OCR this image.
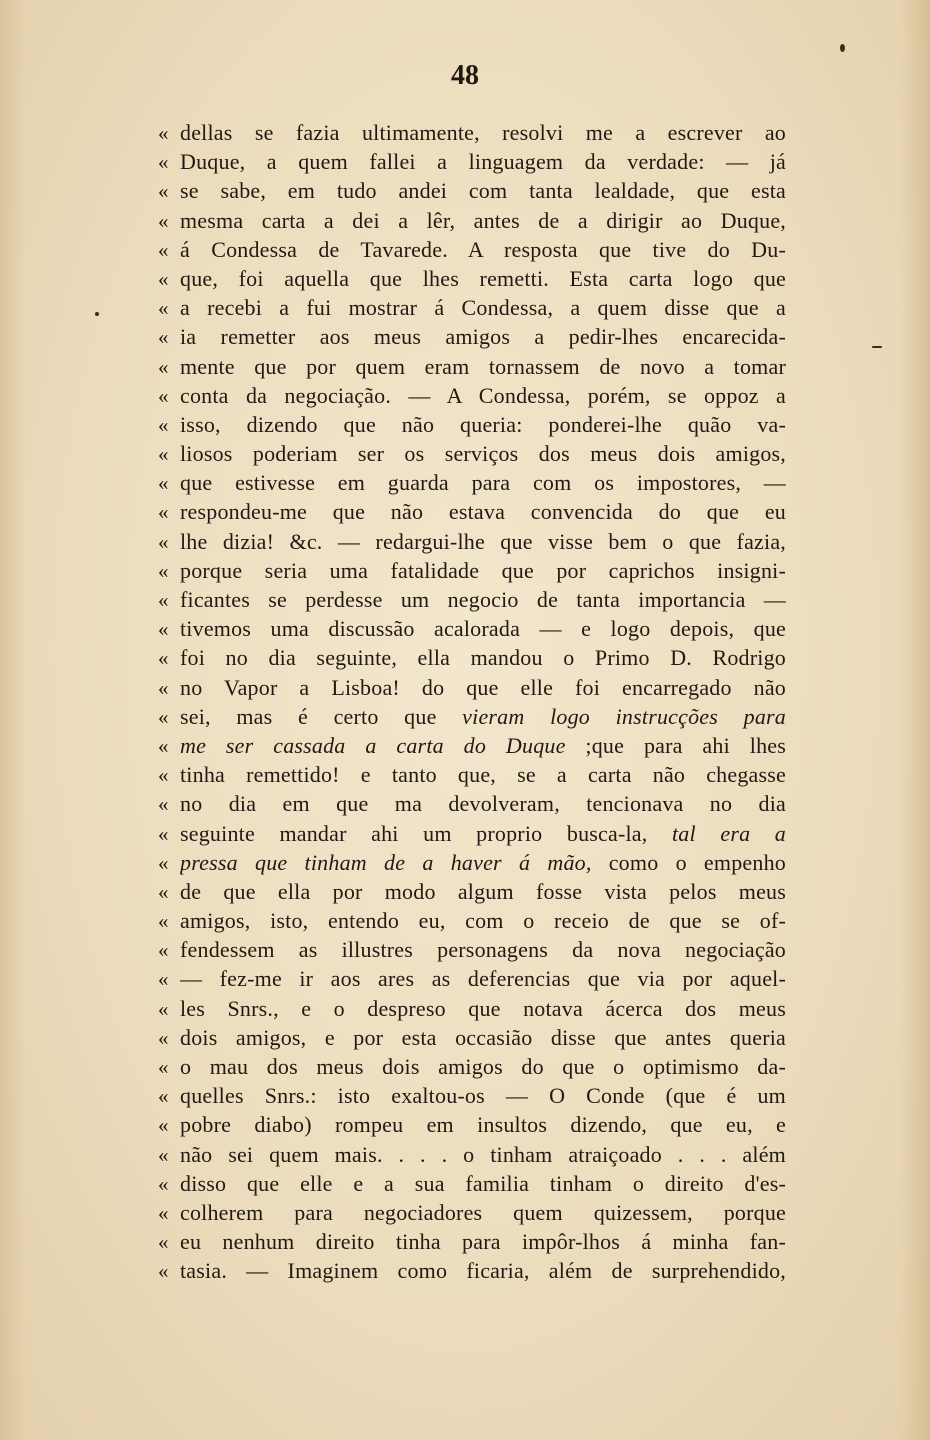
48
« dellas se fazia ultimamente, resolvi me a escrever ao
« Duque, a quem fallei a linguagem da verdade: — já
« se sabe, em tudo andei com tanta lealdade, que esta
« mesma carta a dei a lêr, antes de a dirigir ao Duque,
« á Condessa de Tavarede. A resposta que tive do Du-
« que, foi aquella que lhes remetti. Esta carta logo que
« a recebi a fui mostrar á Condessa, a quem disse que a
« ia remetter aos meus amigos a pedir-lhes encarecida-
« mente que por quem eram tornassem de novo a tomar
« conta da negociação. — A Condessa, porém, se oppoz a
« isso, dizendo que não queria: ponderei-lhe quão va-
« liosos poderiam ser os serviços dos meus dois amigos,
« que estivesse em guarda para com os impostores, —
« respondeu-me que não estava convencida do que eu
« lhe dizia! &c. — redargui-lhe que visse bem o que fazia,
« porque seria uma fatalidade que por caprichos insigni-
« ficantes se perdesse um negocio de tanta importancia —
« tivemos uma discussão acalorada — e logo depois, que
« foi no dia seguinte, ella mandou o Primo D. Rodrigo
« no Vapor a Lisboa! do que elle foi encarregado não
« sei, mas é certo que vieram logo instrucções para
« me ser cassada a carta do Duque ;que para ahi lhes
« tinha remettido! e tanto que, se a carta não chegasse
« no dia em que ma devolveram, tencionava no dia
« seguinte mandar ahi um proprio busca-la, tal era a
« pressa que tinham de a haver á mão, como o empenho
« de que ella por modo algum fosse vista pelos meus
« amigos, isto, entendo eu, com o receio de que se of-
« fendessem as illustres personagens da nova negociação
« — fez-me ir aos ares as deferencias que via por aquel-
« les Snrs., e o despreso que notava ácerca dos meus
« dois amigos, e por esta occasião disse que antes queria
« o mau dos meus dois amigos do que o optimismo da-
« quelles Snrs.: isto exaltou-os — O Conde (que é um
« pobre diabo) rompeu em insultos dizendo, que eu, e
« não sei quem mais. . . . o tinham atraiçoado . . . além
« disso que elle e a sua familia tinham o direito d'es-
« colherem para negociadores quem quizessem, porque
« eu nenhum direito tinha para impôr-lhos á minha fan-
« tasia. — Imaginem como ficaria, além de surprehendido,
